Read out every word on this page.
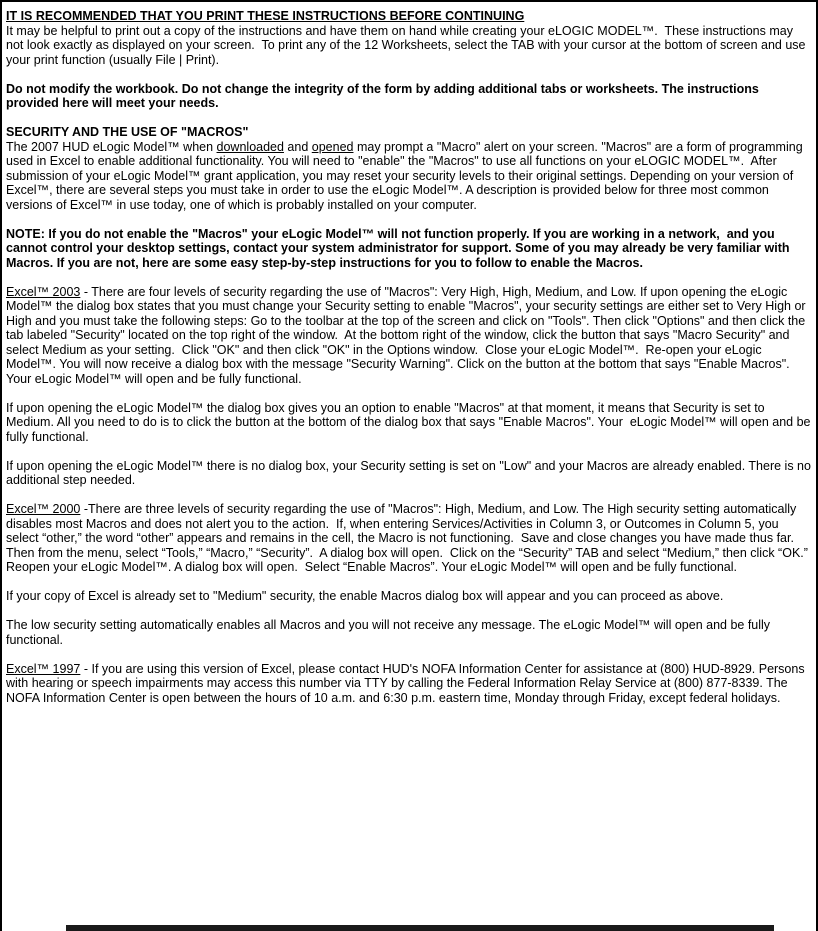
IT IS RECOMMENDED THAT YOU PRINT THESE INSTRUCTIONS BEFORE CONTINUING
It may be helpful to print out a copy of the instructions and have them on hand while creating your eLOGIC MODEL™.  These instructions may not look exactly as displayed on your screen.  To print any of the 12 Worksheets, select the TAB with your cursor at the bottom of screen and use your print function (usually File | Print).
Do not modify the workbook. Do not change the integrity of the form by adding additional tabs or worksheets. The instructions provided here will meet your needs.
SECURITY AND THE USE OF "MACROS"
The 2007 HUD eLogic Model™ when downloaded and opened may prompt a "Macro" alert on your screen. "Macros" are a form of programming used in Excel to enable additional functionality. You will need to "enable" the "Macros" to use all functions on your eLOGIC MODEL™.  After submission of your eLogic Model™ grant application, you may reset your security levels to their original settings. Depending on your version of Excel™, there are several steps you must take in order to use the eLogic Model™. A description is provided below for three most common versions of Excel™ in use today, one of which is probably installed on your computer.
NOTE: If you do not enable the "Macros" your eLogic Model™ will not function properly. If you are working in a network,  and you cannot control your desktop settings, contact your system administrator for support. Some of you may already be very familiar with Macros. If you are not, here are some easy step-by-step instructions for you to follow to enable the Macros.
Excel™ 2003 - There are four levels of security regarding the use of "Macros": Very High, High, Medium, and Low. If upon opening the eLogic Model™ the dialog box states that you must change your Security setting to enable "Macros", your security settings are either set to Very High or High and you must take the following steps: Go to the toolbar at the top of the screen and click on "Tools". Then click "Options" and then click the tab labeled "Security" located on the top right of the window.  At the bottom right of the window, click the button that says "Macro Security" and select Medium as your setting.  Click "OK" and then click "OK" in the Options window.  Close your eLogic Model™.  Re-open your eLogic Model™. You will now receive a dialog box with the message "Security Warning". Click on the button at the bottom that says "Enable Macros". Your eLogic Model™ will open and be fully functional.
If upon opening the eLogic Model™ the dialog box gives you an option to enable "Macros" at that moment, it means that Security is set to Medium. All you need to do is to click the button at the bottom of the dialog box that says "Enable Macros". Your  eLogic Model™ will open and be fully functional.
If upon opening the eLogic Model™ there is no dialog box, your Security setting is set on "Low" and your Macros are already enabled. There is no additional step needed.
Excel™ 2000 -There are three levels of security regarding the use of "Macros": High, Medium, and Low. The High security setting automatically disables most Macros and does not alert you to the action.  If, when entering Services/Activities in Column 3, or Outcomes in Column 5, you select “other,” the word “other” appears and remains in the cell, the Macro is not functioning.  Save and close changes you have made thus far. Then from the menu, select “Tools,” “Macro,” “Security”.  A dialog box will open.  Click on the “Security” TAB and select “Medium,” then click “OK.”  Reopen your eLogic Model™. A dialog box will open.  Select “Enable Macros”. Your eLogic Model™ will open and be fully functional.
If your copy of Excel is already set to "Medium" security, the enable Macros dialog box will appear and you can proceed as above.
The low security setting automatically enables all Macros and you will not receive any message. The eLogic Model™ will open and be fully functional.
Excel™ 1997 - If you are using this version of Excel, please contact HUD's NOFA Information Center for assistance at (800) HUD-8929. Persons with hearing or speech impairments may access this number via TTY by calling the Federal Information Relay Service at (800) 877-8339. The NOFA Information Center is open between the hours of 10 a.m. and 6:30 p.m. eastern time, Monday through Friday, except federal holidays.
